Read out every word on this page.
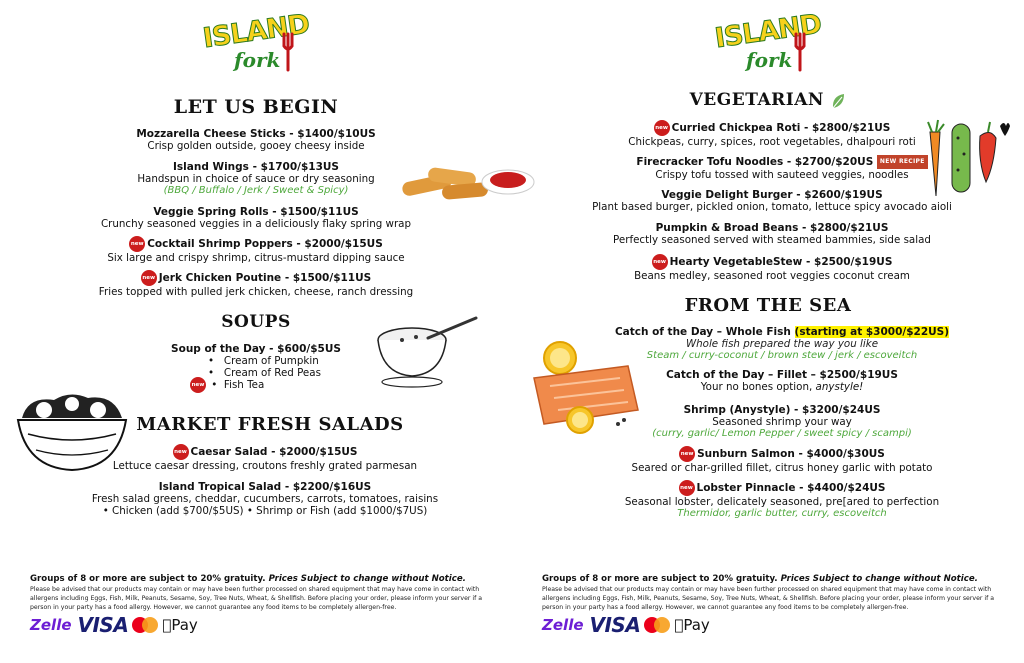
ISLAND
fork
LET US BEGIN
Mozzarella Cheese Sticks - $1400/$10US
Crisp golden outside, gooey cheesy inside
Island Wings - $1700/$13US
Handspun in choice of sauce or dry seasoning
(BBQ / Buffalo / Jerk / Sweet & Spicy)
Veggie Spring Rolls - $1500/$11US
Crunchy seasoned veggies in a deliciously flaky spring wrap
new Cocktail Shrimp Poppers - $2000/$15US
Six large and crispy shrimp, citrus-mustard dipping sauce
new Jerk Chicken Poutine - $1500/$11US
Fries topped with pulled jerk chicken, cheese, ranch dressing
SOUPS
Soup of the Day - $600/$5US
•   Cream of Pumpkin
•   Cream of Red Peas
new •  Fish Tea
MARKET FRESH SALADS
new Caesar Salad - $2000/$15US
Lettuce caesar dressing, croutons freshly grated parmesan
Island Tropical Salad - $2200/$16US
Fresh salad greens, cheddar, cucumbers, carrots, tomatoes, raisins
• Chicken (add $700/$5US) • Shrimp or Fish (add $1000/$7US)
Groups of 8 or more are subject to 20% gratuity. Prices Subject to change without Notice.
Please be advised that our products may contain or may have been further processed on shared equipment that may have come in contact with allergens including Eggs, Fish, Milk, Peanuts, Sesame, Soy, Tree Nuts, Wheat, & Shellfish. Before placing your order, please inform your server if a person in your party has a food allergy. However, we cannot guarantee any food items to be completely allergen-free.
Zelle VISA Pay
ISLAND
fork
VEGETARIAN
new Curried Chickpea Roti - $2800/$21US
Chickpeas, curry, spices, root vegetables, dhalpouri roti
Firecracker Tofu Noodles - $2700/$20US NEW RECIPE
Crispy tofu tossed with sauteed veggies, noodles
Veggie Delight Burger - $2600/$19US
Plant based burger, pickled onion, tomato, lettuce spicy avocado aioli
Pumpkin & Broad Beans - $2800/$21US
Perfectly seasoned served with steamed bammies, side salad
new Hearty VegetableStew - $2500/$19US
Beans medley, seasoned root veggies coconut cream
FROM THE SEA
Catch of the Day – Whole Fish (starting at $3000/$22US)
Whole fish prepared the way you like
Steam / curry-coconut / brown stew / jerk / escoveitch
Catch of the Day – Fillet – $2500/$19US
Your no bones option, anystyle!
Shrimp (Anystyle) - $3200/$24US
Seasoned shrimp your way
(curry, garlic/ Lemon Pepper / sweet spicy / scampi)
new Sunburn Salmon - $4000/$30US
Seared or char-grilled fillet, citrus honey garlic with potato
new Lobster Pinnacle - $4400/$24US
Seasonal lobster, delicately seasoned, pre[ared to perfection
Thermidor, garlic butter, curry, escoveitch
Groups of 8 or more are subject to 20% gratuity. Prices Subject to change without Notice.
Please be advised that our products may contain or may have been further processed on shared equipment that may have come in contact with allergens including Eggs, Fish, Milk, Peanuts, Sesame, Soy, Tree Nuts, Wheat, & Shellfish. Before placing your order, please inform your server if a person in your party has a food allergy. However, we cannot guarantee any food items to be completely allergen-free.
Zelle VISA Pay
